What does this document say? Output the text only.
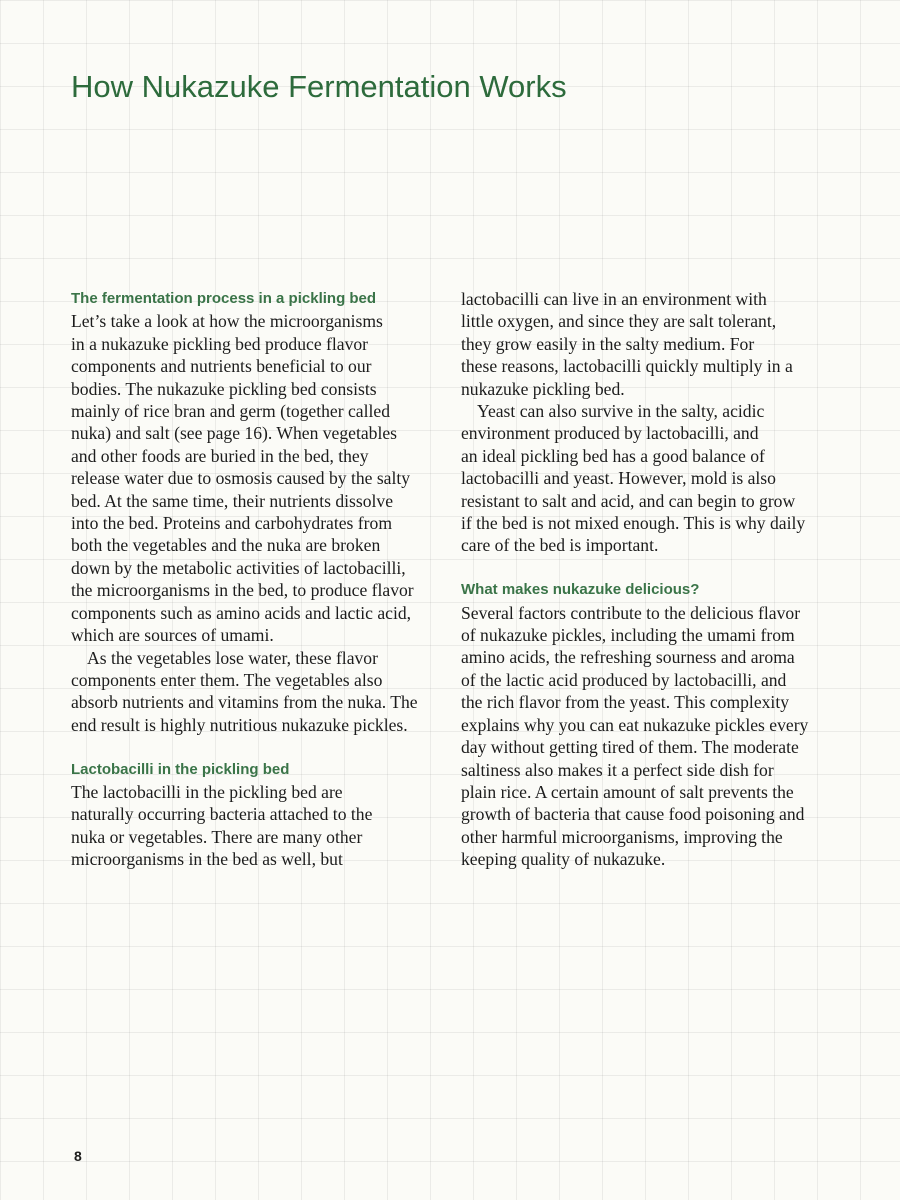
How Nukazuke Fermentation Works
The fermentation process in a pickling bed
Let’s take a look at how the microorganisms
in a nukazuke pickling bed produce flavor
components and nutrients beneficial to our
bodies. The nukazuke pickling bed consists
mainly of rice bran and germ (together called
nuka) and salt (see page 16). When vegetables
and other foods are buried in the bed, they
release water due to osmosis caused by the salty
bed. At the same time, their nutrients dissolve
into the bed. Proteins and carbohydrates from
both the vegetables and the nuka are broken
down by the metabolic activities of lactobacilli,
the microorganisms in the bed, to produce flavor
components such as amino acids and lactic acid,
which are sources of umami.
As the vegetables lose water, these flavor
components enter them. The vegetables also
absorb nutrients and vitamins from the nuka. The
end result is highly nutritious nukazuke pickles.
Lactobacilli in the pickling bed
The lactobacilli in the pickling bed are
naturally occurring bacteria attached to the
nuka or vegetables. There are many other
microorganisms in the bed as well, but
lactobacilli can live in an environment with
little oxygen, and since they are salt tolerant,
they grow easily in the salty medium. For
these reasons, lactobacilli quickly multiply in a
nukazuke pickling bed.
Yeast can also survive in the salty, acidic
environment produced by lactobacilli, and
an ideal pickling bed has a good balance of
lactobacilli and yeast. However, mold is also
resistant to salt and acid, and can begin to grow
if the bed is not mixed enough. This is why daily
care of the bed is important.
What makes nukazuke delicious?
Several factors contribute to the delicious flavor
of nukazuke pickles, including the umami from
amino acids, the refreshing sourness and aroma
of the lactic acid produced by lactobacilli, and
the rich flavor from the yeast. This complexity
explains why you can eat nukazuke pickles every
day without getting tired of them. The moderate
saltiness also makes it a perfect side dish for
plain rice. A certain amount of salt prevents the
growth of bacteria that cause food poisoning and
other harmful microorganisms, improving the
keeping quality of nukazuke.
8
